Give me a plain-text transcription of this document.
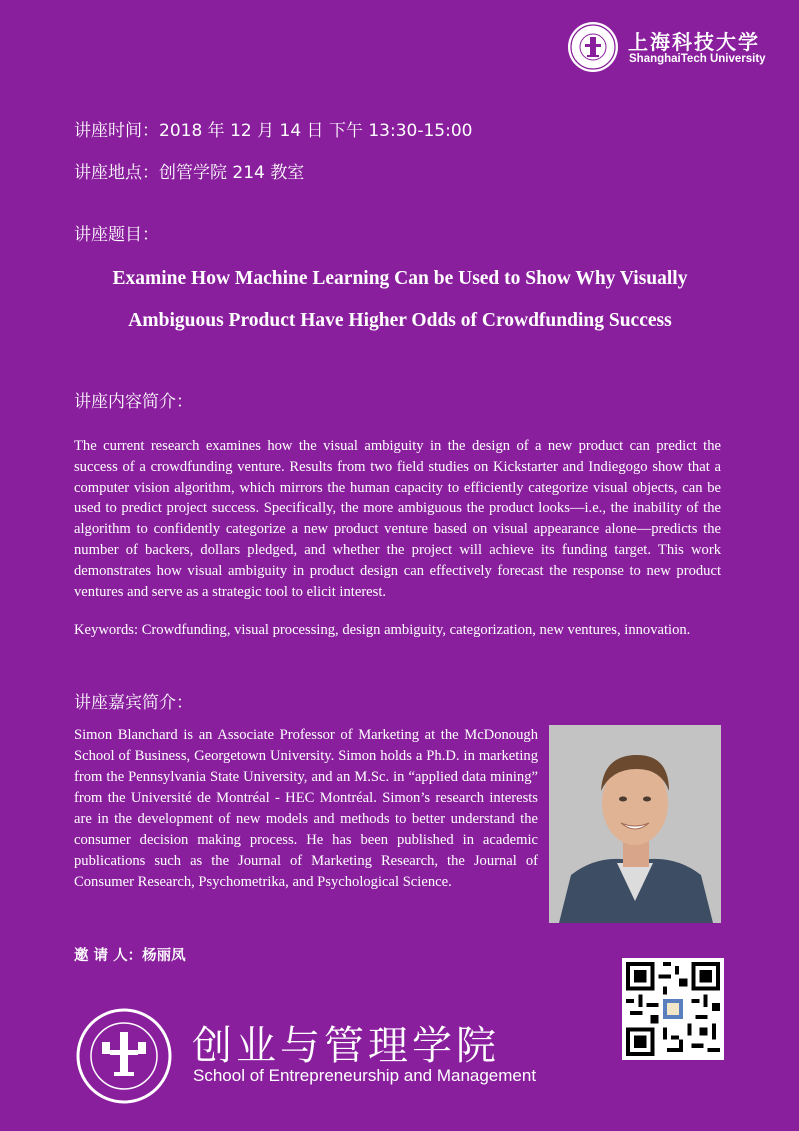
上海科技大学
ShanghaiTech University
讲座时间：2018 年 12 月 14 日 下午 13:30-15:00
讲座地点：创管学院 214 教室
讲座题目：
Examine How Machine Learning Can be Used to Show Why Visually
Ambiguous Product Have Higher Odds of Crowdfunding Success
讲座内容简介：

The current research examines how the visual ambiguity in the design of a new product can predict the success of a crowdfunding venture. Results from two field studies on Kickstarter and Indiegogo show that a computer vision algorithm, which mirrors the human capacity to efficiently categorize visual objects, can be used to predict project success. Specifically, the more ambiguous the product looks—i.e., the inability of the algorithm to confidently categorize a new product venture based on visual appearance alone—predicts the number of backers, dollars pledged, and whether the project will achieve its funding target. This work demonstrates how visual ambiguity in product design can effectively forecast the response to new product ventures and serve as a strategic tool to elicit interest.

Keywords: Crowdfunding, visual processing, design ambiguity, categorization, new ventures, innovation.

讲座嘉宾简介：

Simon Blanchard is an Associate Professor of Marketing at the McDonough School of Business, Georgetown University. Simon holds a Ph.D. in marketing from the Pennsylvania State University, and an M.Sc. in “applied data mining” from the Université de Montréal - HEC Montréal. Simon’s research interests are in the development of new models and methods to better understand the consumer decision making process. He has been published in academic publications such as the Journal of Marketing Research, the Journal of Consumer Research, Psychometrika, and Psychological Science.

邀 请 人：杨丽凤
创业与管理学院
School of Entrepreneurship and Management
